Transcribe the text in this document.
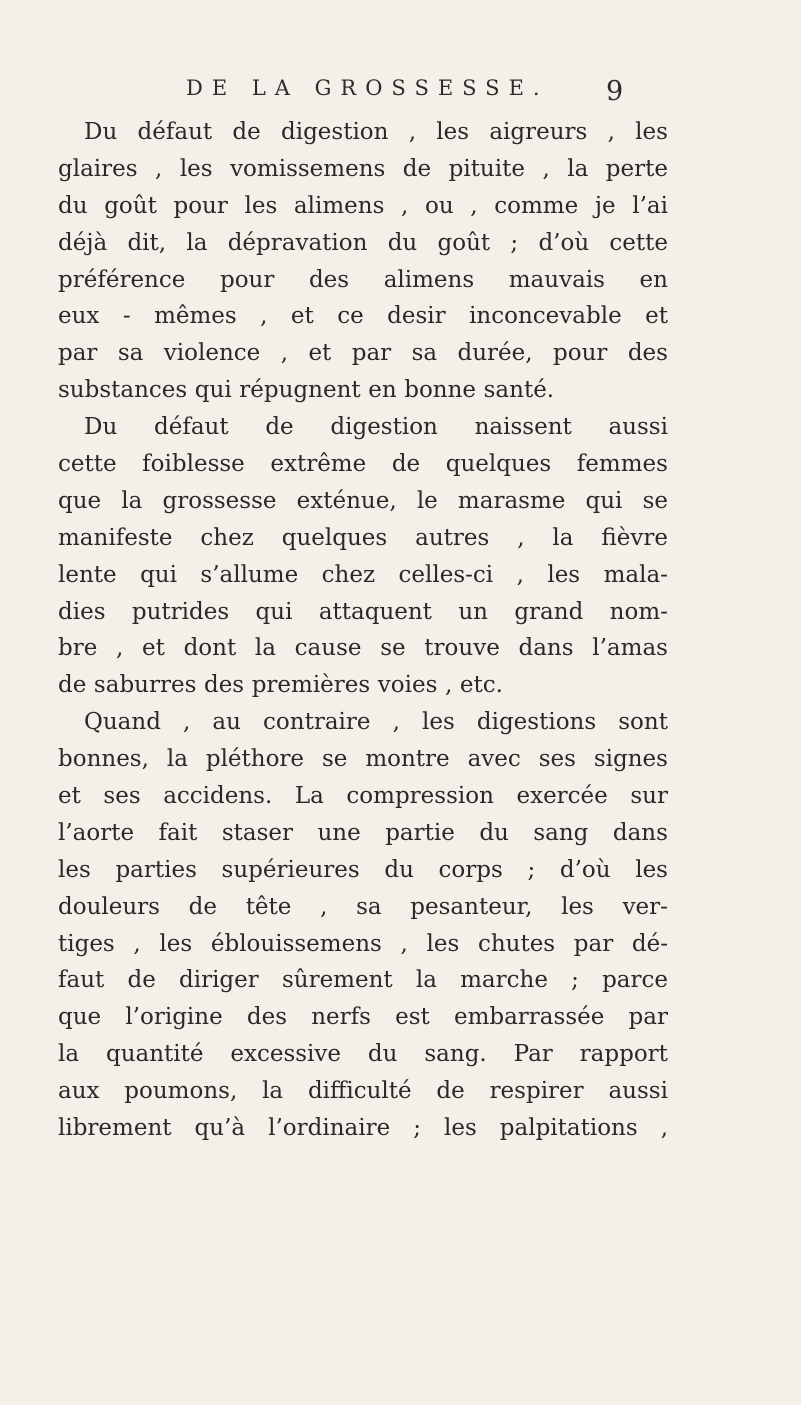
DE LA GROSSESSE.	9
Du défaut de digestion , les aigreurs , les
glaires , les vomissemens de pituite , la perte
du goût pour les alimens , ou , comme je l’ai
déjà dit, la dépravation du goût ; d’où cette
préférence pour des alimens mauvais en
eux - mêmes , et ce desir inconcevable et
par sa violence , et par sa durée, pour des
substances qui répugnent en bonne santé.
Du défaut de digestion naissent aussi
cette foiblesse extrême de quelques femmes
que la grossesse exténue, le marasme qui se
manifeste chez quelques autres , la fièvre
lente qui s’allume chez celles-ci , les mala-
dies putrides qui attaquent un grand nom-
bre , et dont la cause se trouve dans l’amas
de saburres des premières voies , etc.
Quand , au contraire , les digestions sont
bonnes, la pléthore se montre avec ses signes
et ses accidens. La compression exercée sur
l’aorte fait staser une partie du sang dans
les parties supérieures du corps ; d’où les
douleurs de tête , sa pesanteur, les ver-
tiges , les éblouissemens , les chutes par dé-
faut de diriger sûrement la marche ; parce
que l’origine des nerfs est embarrassée par
la quantité excessive du sang. Par rapport
aux poumons, la difficulté de respirer aussi
librement qu’à l’ordinaire ; les palpitations ,
